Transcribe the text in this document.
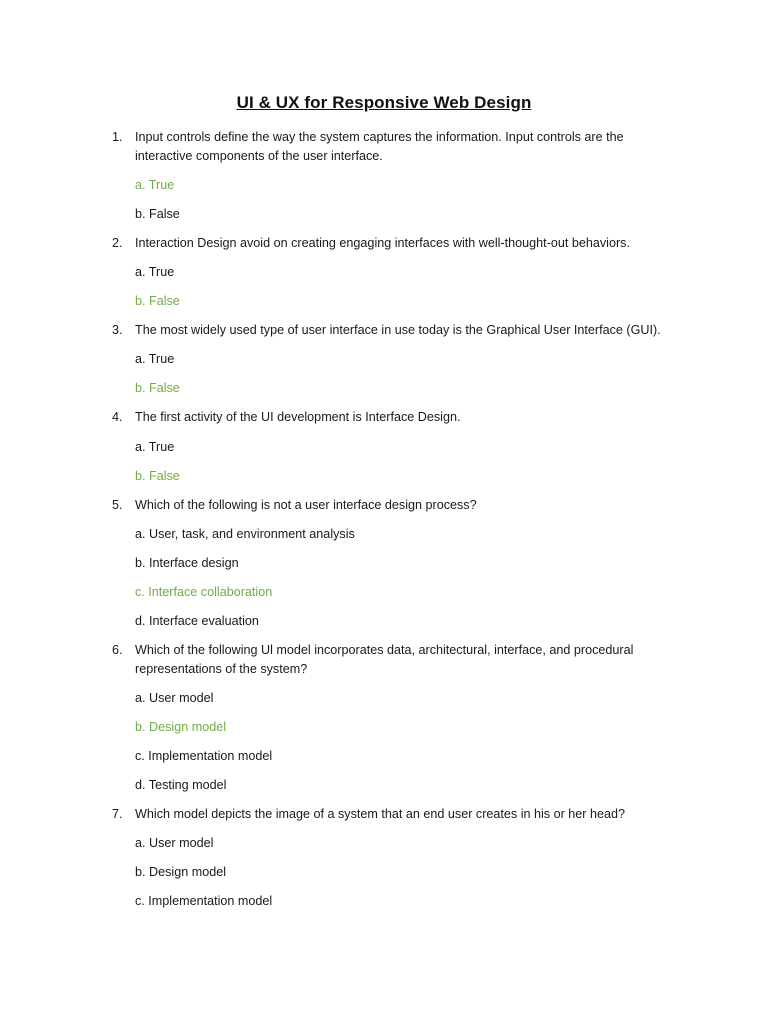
UI & UX for Responsive Web Design
1. Input controls define the way the system captures the information. Input controls are the interactive components of the user interface.
a. True
b. False
2. Interaction Design avoid on creating engaging interfaces with well-thought-out behaviors.
a. True
b. False
3. The most widely used type of user interface in use today is the Graphical User Interface (GUI).
a. True
b. False
4. The first activity of the UI development is Interface Design.
a. True
b. False
5. Which of the following is not a user interface design process?
a. User, task, and environment analysis
b. Interface design
c. Interface collaboration
d. Interface evaluation
6. Which of the following Ul model incorporates data, architectural, interface, and procedural representations of the system?
a. User model
b. Design model
c. Implementation model
d. Testing model
7. Which model depicts the image of a system that an end user creates in his or her head?
a. User model
b. Design model
c. Implementation model
